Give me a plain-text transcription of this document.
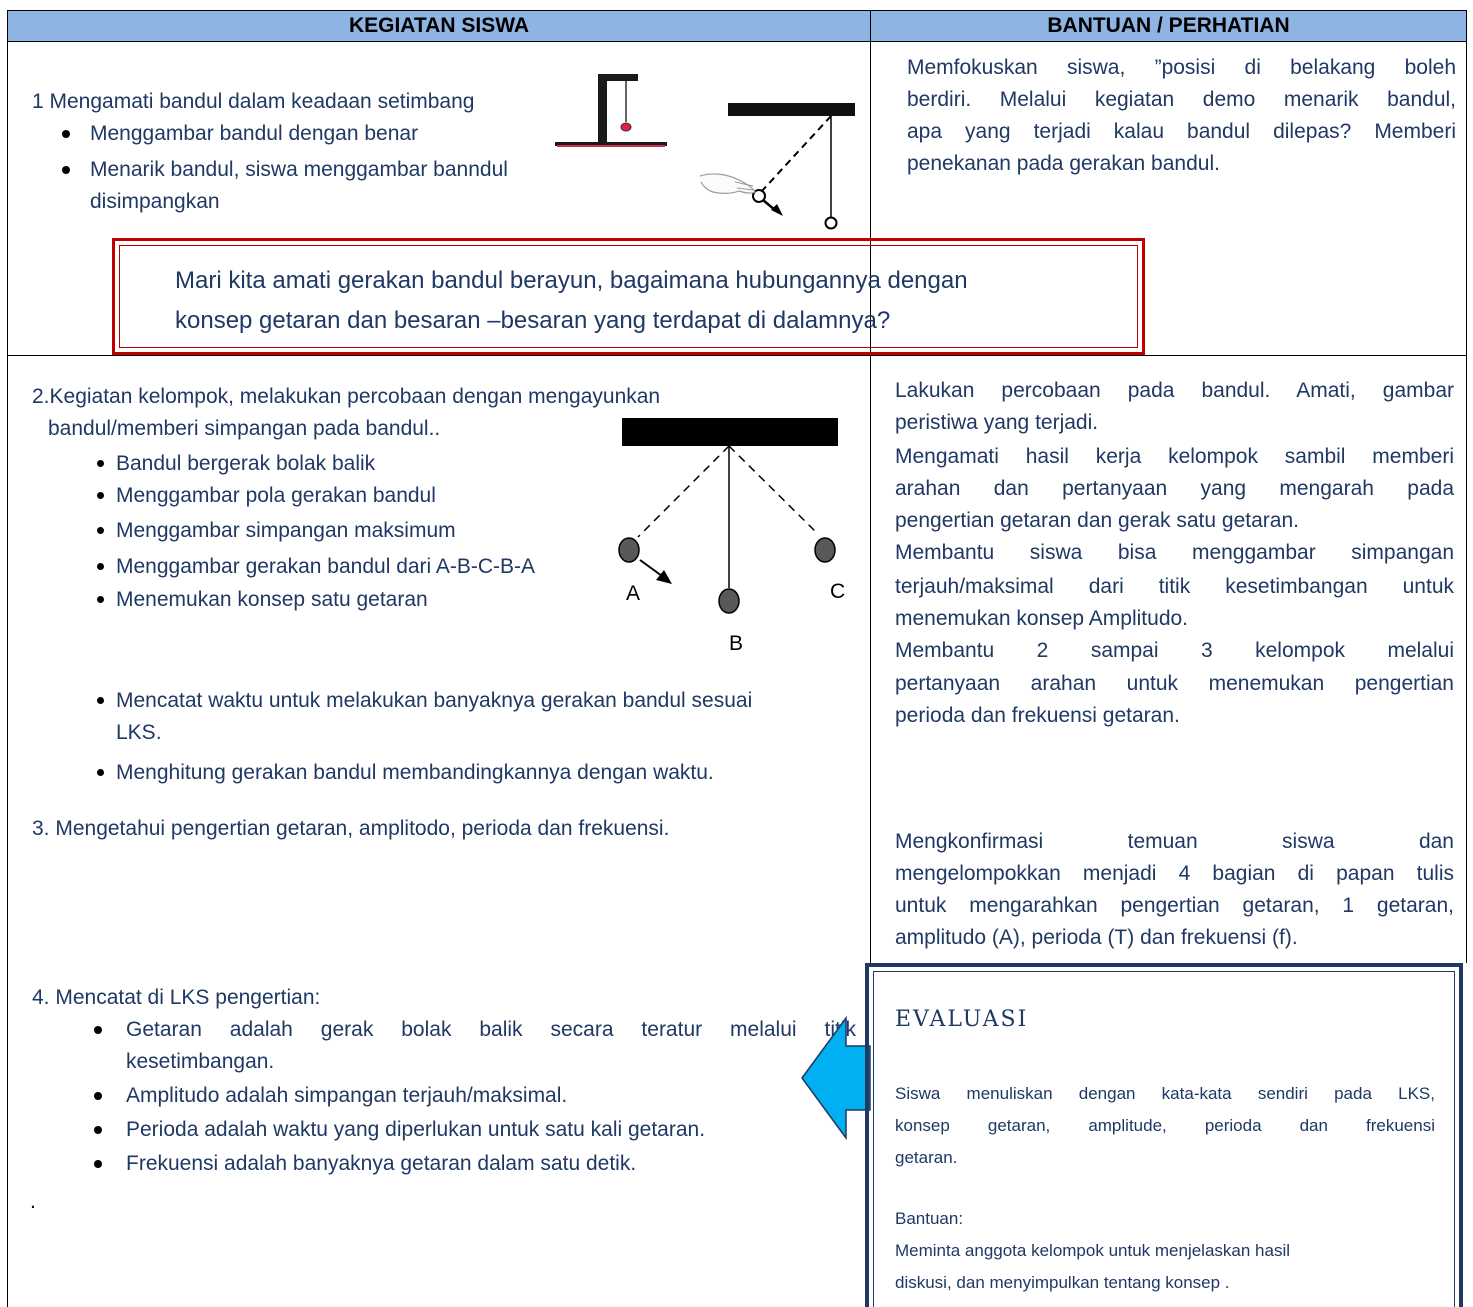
KEGIATAN SISWA	BANTUAN / PERHATIAN
1 Mengamati bandul dalam keadaan setimbang
Menggambar bandul dengan benar
Menarik bandul, siswa menggambar banndul
disimpangkan
Memfokuskan siswa, ”posisi di belakang boleh
berdiri. Melalui kegiatan demo menarik bandul,
apa yang terjadi kalau bandul dilepas? Memberi
penekanan pada gerakan bandul.

Mari kita amati gerakan bandul berayun, bagaimana hubungannya dengan

konsep getaran dan besaran –besaran yang terdapat di dalamnya?

2.Kegiatan kelompok, melakukan percobaan dengan mengayunkan
bandul/memberi simpangan pada bandul..
Bandul bergerak bolak balik
Menggambar pola gerakan bandul
Menggambar simpangan maksimum
Menggambar gerakan bandul dari A-B-C-B-A
Menemukan konsep satu getaran
Mencatat waktu untuk melakukan banyaknya gerakan bandul sesuai
LKS.
Menghitung gerakan bandul membandingkannya dengan waktu.
A
B
C
Lakukan percobaan pada bandul. Amati, gambar
peristiwa yang terjadi.
Mengamati hasil kerja kelompok sambil memberi
arahan dan pertanyaan yang mengarah pada
pengertian getaran dan gerak satu getaran.
Membantu siswa bisa menggambar simpangan
terjauh/maksimal dari titik kesetimbangan untuk
menemukan konsep Amplitudo.
Membantu 2 sampai 3 kelompok melalui
pertanyaan arahan untuk menemukan pengertian
perioda dan frekuensi getaran.
3. Mengetahui pengertian getaran, amplitodo, perioda dan frekuensi.
Mengkonfirmasi temuan siswa dan
mengelompokkan menjadi 4 bagian di papan tulis
untuk mengarahkan pengertian getaran, 1 getaran,
amplitudo (A), perioda (T) dan frekuensi (f).
4. Mencatat di LKS pengertian:
Getaran adalah gerak bolak balik secara teratur melalui titik
kesetimbangan.
Amplitudo adalah simpangan terjauh/maksimal.
Perioda adalah waktu yang diperlukan untuk satu kali getaran.
Frekuensi adalah banyaknya getaran dalam satu detik.
.
EVALUASI
Siswa menuliskan dengan kata-kata sendiri pada LKS,
konsep getaran, amplitude, perioda dan frekuensi
getaran.
Bantuan:
Meminta anggota kelompok untuk menjelaskan hasil
diskusi, dan menyimpulkan tentang konsep .
